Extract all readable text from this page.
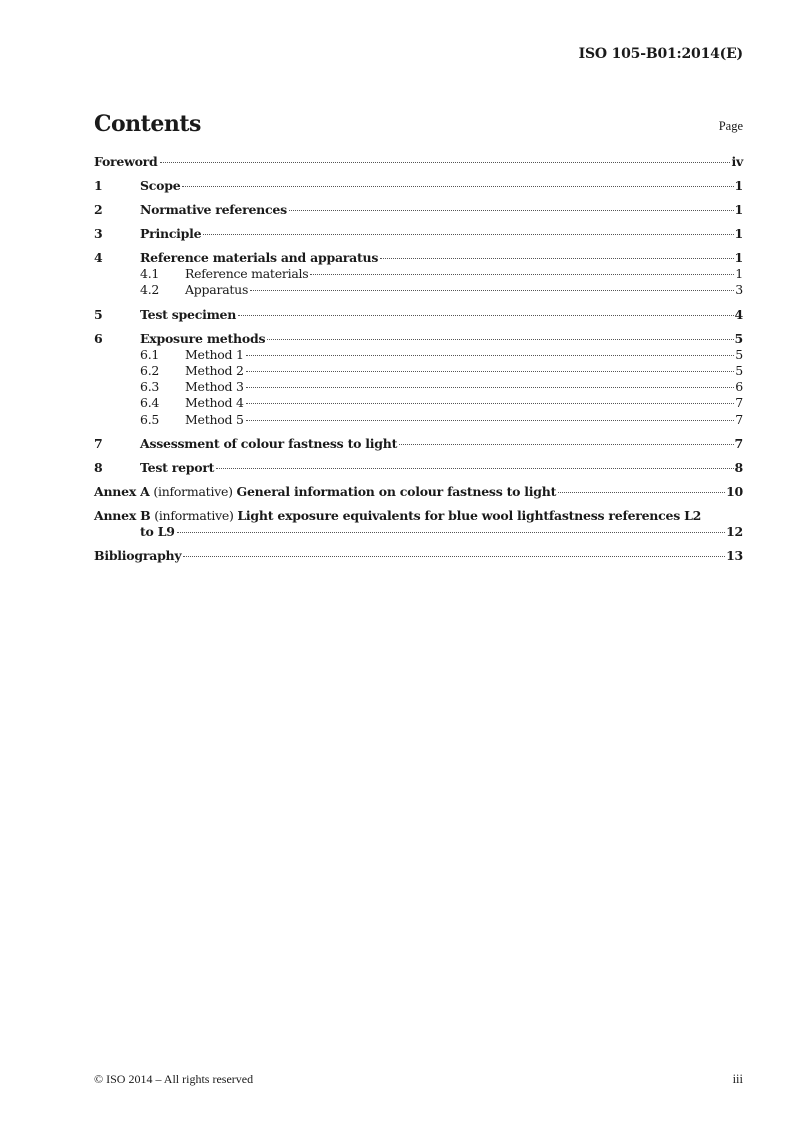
ISO 105-B01:2014(E)
Contents	Page
Foreword	iv
1	Scope	1
2	Normative references	1
3	Principle	1
4	Reference materials and apparatus	1
4.1	Reference materials	1
4.2	Apparatus	3
5	Test specimen	4
6	Exposure methods	5
6.1	Method 1	5
6.2	Method 2	5
6.3	Method 3	6
6.4	Method 4	7
6.5	Method 5	7
7	Assessment of colour fastness to light	7
8	Test report	8
Annex A (informative) General information on colour fastness to light	10
Annex B (informative) Light exposure equivalents for blue wool lightfastness references L2
to L9	12
Bibliography	13
© ISO 2014 – All rights reserved	iii
